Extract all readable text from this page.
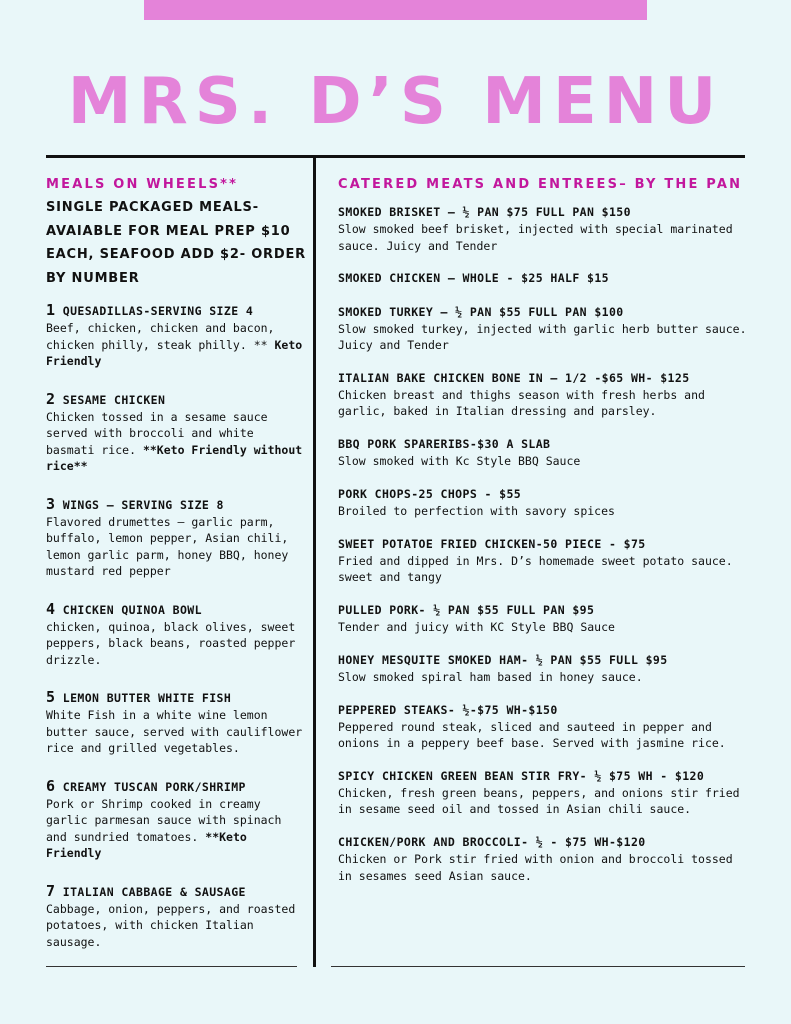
MRS. D’S MENU

MEALS ON WHEELS**

SINGLE PACKAGED MEALS- AVAIABLE FOR MEAL PREP $10 EACH, SEAFOOD ADD $2- ORDER BY NUMBER

1 QUESADILLAS-SERVING SIZE 4
Beef, chicken, chicken and bacon, chicken philly, steak philly. ** Keto Friendly
2 SESAME CHICKEN
Chicken tossed in a sesame sauce served with broccoli and white basmati rice. **Keto Friendly without rice**
3 WINGS – SERVING SIZE 8
Flavored drumettes – garlic parm, buffalo, lemon pepper, Asian chili, lemon garlic parm, honey BBQ, honey mustard red pepper
4 CHICKEN QUINOA BOWL
chicken, quinoa, black olives, sweet peppers, black beans, roasted pepper drizzle.
5 LEMON BUTTER WHITE FISH
White Fish in a white wine lemon butter sauce, served with cauliflower rice and grilled vegetables.
6 CREAMY TUSCAN PORK/SHRIMP
Pork or Shrimp cooked in creamy garlic parmesan sauce with spinach and sundried tomatoes. **Keto Friendly
7 ITALIAN CABBAGE & SAUSAGE
Cabbage, onion, peppers, and roasted potatoes, with chicken Italian sausage.

CATERED MEATS AND ENTREES– BY THE PAN

SMOKED BRISKET – ½ PAN $75 FULL PAN $150
Slow smoked beef brisket, injected with special marinated sauce. Juicy and Tender
SMOKED CHICKEN – WHOLE - $25 HALF $15
SMOKED TURKEY – ½ PAN $55 FULL PAN $100
Slow smoked turkey, injected with garlic herb butter sauce. Juicy and Tender
ITALIAN BAKE CHICKEN BONE IN – 1/2 -$65 WH- $125
Chicken breast and thighs season with fresh herbs and garlic, baked in Italian dressing and parsley.
BBQ PORK SPARERIBS-$30 A SLAB
Slow smoked with Kc Style BBQ Sauce
PORK CHOPS-25 CHOPS - $55
Broiled to perfection with savory spices
SWEET POTATOE FRIED CHICKEN-50 PIECE - $75
Fried and dipped in Mrs. D’s homemade sweet potato sauce. sweet and tangy
PULLED PORK- ½ PAN $55 FULL PAN $95
Tender and juicy with KC Style BBQ Sauce
HONEY MESQUITE SMOKED HAM- ½ PAN $55 FULL $95
Slow smoked spiral ham based in honey sauce.
PEPPERED STEAKS- ½-$75 WH-$150
Peppered round steak, sliced and sauteed in pepper and onions in a peppery beef base. Served with jasmine rice.
SPICY CHICKEN GREEN BEAN STIR FRY- ½ $75 WH - $120
Chicken, fresh green beans, peppers, and onions stir fried in sesame seed oil and tossed in Asian chili sauce.
CHICKEN/PORK AND BROCCOLI- ½ - $75 WH-$120
Chicken or Pork stir fried with onion and broccoli tossed in sesames seed Asian sauce.
